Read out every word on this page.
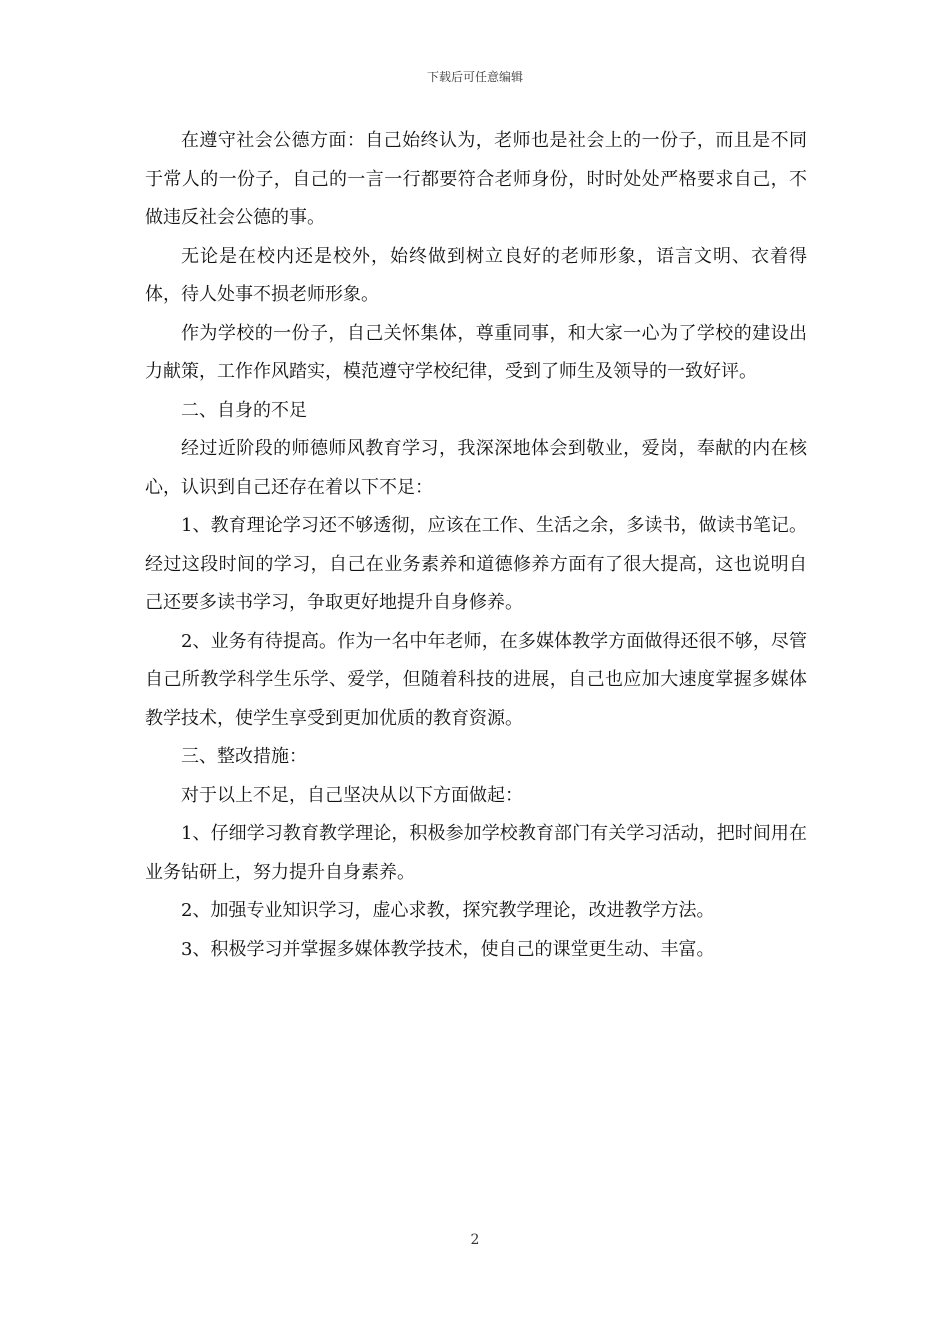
下载后可任意编辑

在遵守社会公德方面：自己始终认为，老师也是社会上的一份子，而且是不同于常人的一份子，自己的一言一行都要符合老师身份，时时处处严格要求自己，不做违反社会公德的事。

无论是在校内还是校外，始终做到树立良好的老师形象，语言文明、衣着得体，待人处事不损老师形象。

作为学校的一份子，自己关怀集体，尊重同事，和大家一心为了学校的建设出力献策，工作作风踏实，模范遵守学校纪律，受到了师生及领导的一致好评。

二、自身的不足

经过近阶段的师德师风教育学习，我深深地体会到敬业，爱岗，奉献的内在核心，认识到自己还存在着以下不足：

1、教育理论学习还不够透彻，应该在工作、生活之余，多读书，做读书笔记。经过这段时间的学习，自己在业务素养和道德修养方面有了很大提高，这也说明自己还要多读书学习，争取更好地提升自身修养。

2、业务有待提高。作为一名中年老师，在多媒体教学方面做得还很不够，尽管自己所教学科学生乐学、爱学，但随着科技的进展，自己也应加大速度掌握多媒体教学技术，使学生享受到更加优质的教育资源。

三、整改措施：

对于以上不足，自己坚决从以下方面做起：

1、仔细学习教育教学理论，积极参加学校教育部门有关学习活动，把时间用在业务钻研上，努力提升自身素养。

2、加强专业知识学习，虚心求教，探究教学理论，改进教学方法。

3、积极学习并掌握多媒体教学技术，使自己的课堂更生动、丰富。

2
